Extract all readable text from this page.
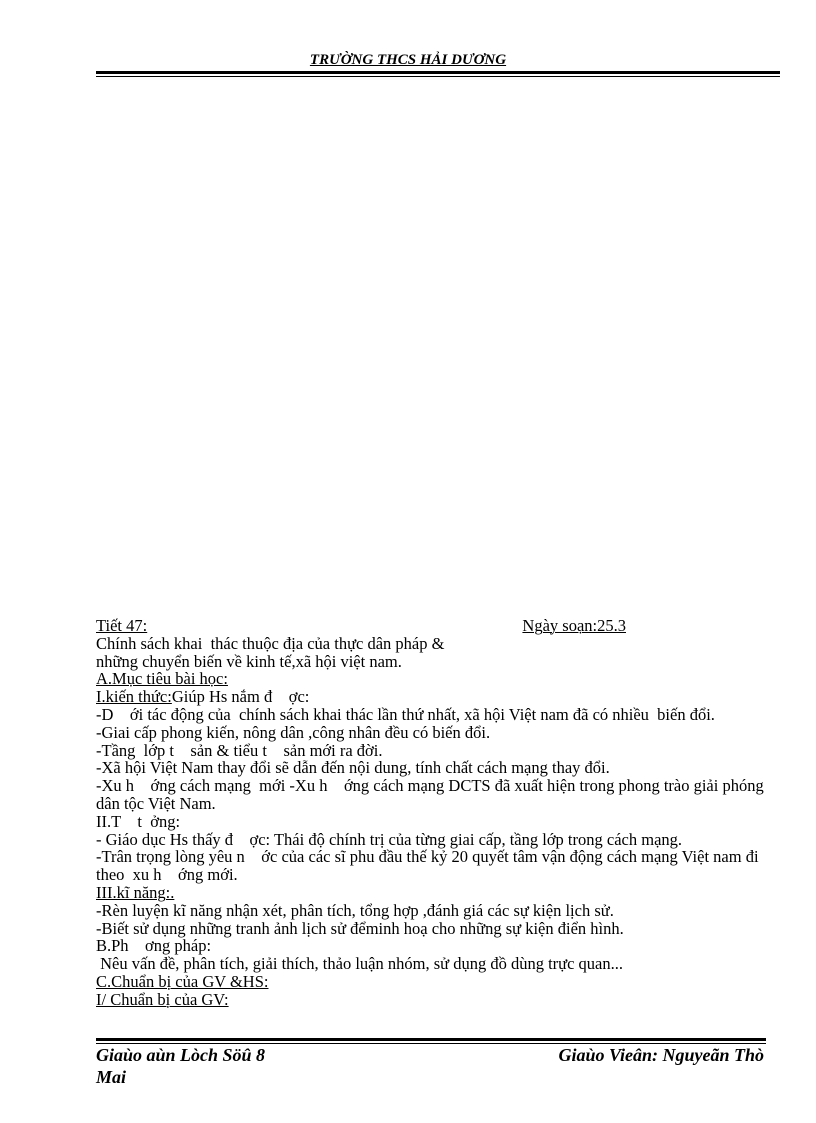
TRƯỜNG THCS HẢI DƯƠNG
Tiết 47:	Ngày soạn:25.3
Chính sách khai  thác thuộc địa của thực dân pháp &
những chuyển biến về kinh tế,xã hội việt nam.
A.Mục tiêu bài học:
I.kiến thức:Giúp Hs nắm đ    ợc:
-D    ới tác động của  chính sách khai thác lần thứ nhất, xã hội Việt nam đã có nhiều  biến đổi.
-Giai cấp phong kiến, nông dân ,công nhân đều có biến đổi.
-Tầng  lớp t    sản & tiểu t    sản mới ra đời.
-Xã hội Việt Nam thay đổi sẽ dẫn đến nội dung, tính chất cách mạng thay đổi.
-Xu h    ớng cách mạng  mới -Xu h    ớng cách mạng DCTS đã xuất hiện trong phong trào giải phóng dân tộc Việt Nam.
II.T    t  ởng:
- Giáo dục Hs thấy đ    ợc: Thái độ chính trị của từng giai cấp, tầng lớp trong cách mạng.
-Trân trọng lòng yêu n    ớc của các sĩ phu đầu thế kỷ 20 quyết tâm vận động cách mạng Việt nam đi theo  xu h    ớng mới.
III.kĩ năng:.
-Rèn luyện kĩ năng nhận xét, phân tích, tổng hợp ,đánh giá các sự kiện lịch sử.
-Biết sử dụng những tranh ảnh lịch sử đểminh hoạ cho những sự kiện điển hình.
B.Ph    ơng pháp:
Nêu vấn đề, phân tích, giải thích, thảo luận nhóm, sử dụng đồ dùng trực quan...
C.Chuẩn bị của GV &HS:
I/ Chuẩn bị của GV:
Giaùo aùn Lòch Söû 8	Giaùo Vieân: Nguyeãn Thò
Mai
